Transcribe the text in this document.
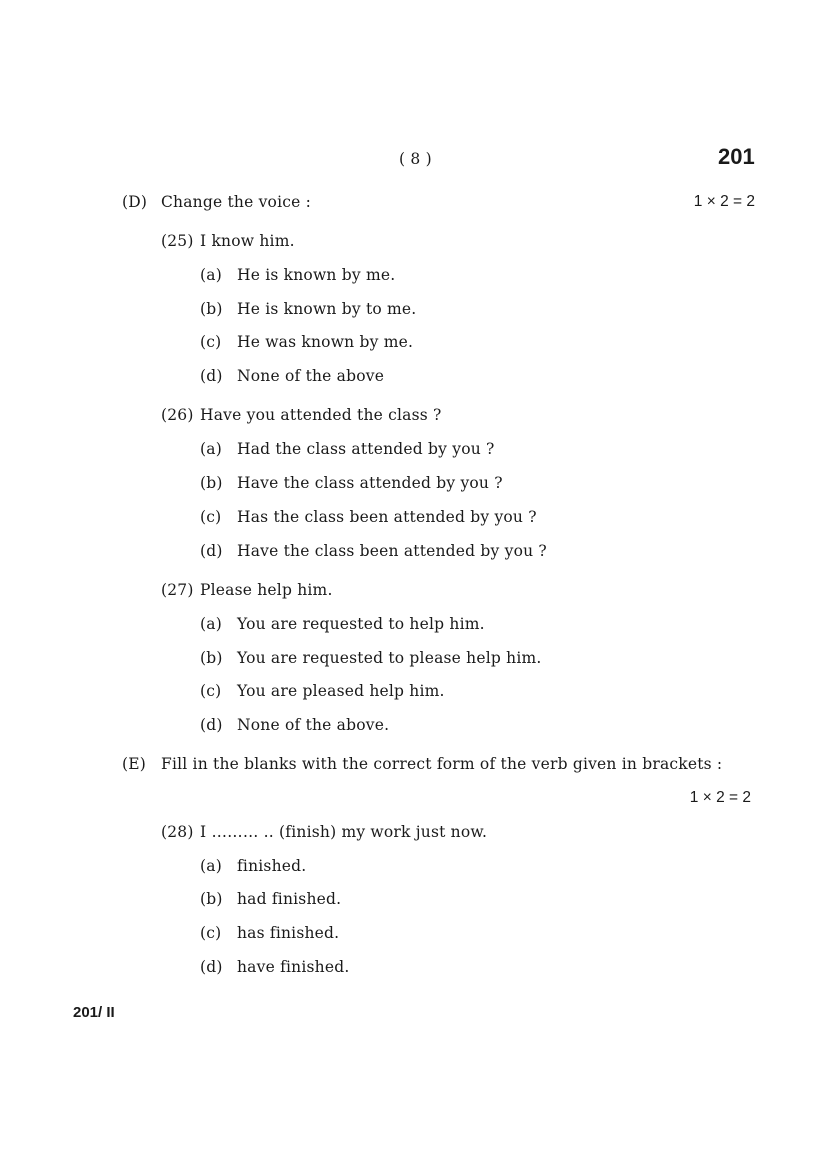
( 8 )	201
(D) Change the voice :	1 × 2 = 2
(25) I know him.
(a) He is known by me.
(b) He is known by to me.
(c) He was known by me.
(d) None of the above
(26) Have you attended the class ?
(a) Had the class attended by you ?
(b) Have the class attended by you ?
(c) Has the class been attended by you ?
(d) Have the class been attended by you ?
(27) Please help him.
(a) You are requested to help him.
(b) You are requested to please help him.
(c) You are pleased help him.
(d) None of the above.
(E) Fill in the blanks with the correct form of the verb given in brackets :
1 × 2 = 2
(28) I ……… .. (finish) my work just now.
(a) finished.
(b) had finished.
(c) has finished.
(d) have finished.
201/ II
